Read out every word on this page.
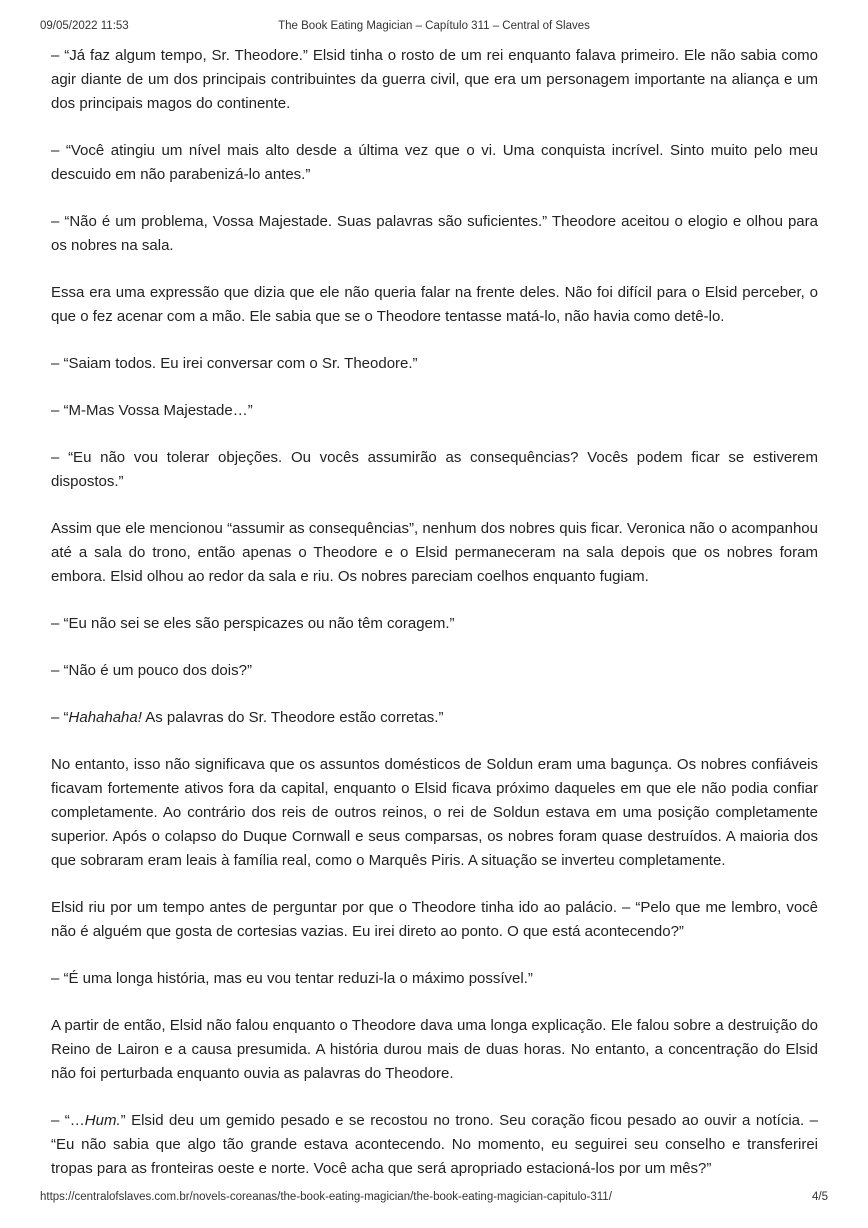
09/05/2022 11:53	The Book Eating Magician – Capítulo 311 – Central of Slaves

– “Já faz algum tempo, Sr. Theodore.” Elsid tinha o rosto de um rei enquanto falava primeiro. Ele não sabia como agir diante de um dos principais contribuintes da guerra civil, que era um personagem importante na aliança e um dos principais magos do continente.

– “Você atingiu um nível mais alto desde a última vez que o vi. Uma conquista incrível. Sinto muito pelo meu descuido em não parabenizá-lo antes.”

– “Não é um problema, Vossa Majestade. Suas palavras são suficientes.” Theodore aceitou o elogio e olhou para os nobres na sala.

Essa era uma expressão que dizia que ele não queria falar na frente deles. Não foi difícil para o Elsid perceber, o que o fez acenar com a mão. Ele sabia que se o Theodore tentasse matá-lo, não havia como detê-lo.

– “Saiam todos. Eu irei conversar com o Sr. Theodore.”

– “M-Mas Vossa Majestade…”

– “Eu não vou tolerar objeções. Ou vocês assumirão as consequências? Vocês podem ficar se estiverem dispostos.”

Assim que ele mencionou “assumir as consequências”, nenhum dos nobres quis ficar. Veronica não o acompanhou até a sala do trono, então apenas o Theodore e o Elsid permaneceram na sala depois que os nobres foram embora. Elsid olhou ao redor da sala e riu. Os nobres pareciam coelhos enquanto fugiam.

– “Eu não sei se eles são perspicazes ou não têm coragem.”

– “Não é um pouco dos dois?”

– “Hahahaha! As palavras do Sr. Theodore estão corretas.”

No entanto, isso não significava que os assuntos domésticos de Soldun eram uma bagunça. Os nobres confiáveis ficavam fortemente ativos fora da capital, enquanto o Elsid ficava próximo daqueles em que ele não podia confiar completamente. Ao contrário dos reis de outros reinos, o rei de Soldun estava em uma posição completamente superior. Após o colapso do Duque Cornwall e seus comparsas, os nobres foram quase destruídos. A maioria dos que sobraram eram leais à família real, como o Marquês Piris. A situação se inverteu completamente.

Elsid riu por um tempo antes de perguntar por que o Theodore tinha ido ao palácio. – “Pelo que me lembro, você não é alguém que gosta de cortesias vazias. Eu irei direto ao ponto. O que está acontecendo?”

– “É uma longa história, mas eu vou tentar reduzi-la o máximo possível.”

A partir de então, Elsid não falou enquanto o Theodore dava uma longa explicação. Ele falou sobre a destruição do Reino de Lairon e a causa presumida. A história durou mais de duas horas. No entanto, a concentração do Elsid não foi perturbada enquanto ouvia as palavras do Theodore.

– “…Hum.” Elsid deu um gemido pesado e se recostou no trono. Seu coração ficou pesado ao ouvir a notícia. – “Eu não sabia que algo tão grande estava acontecendo. No momento, eu seguirei seu conselho e transferirei tropas para as fronteiras oeste e norte. Você acha que será apropriado estacioná-los por um mês?”

https://centralofslaves.com.br/novels-coreanas/the-book-eating-magician/the-book-eating-magician-capitulo-311/	4/5
